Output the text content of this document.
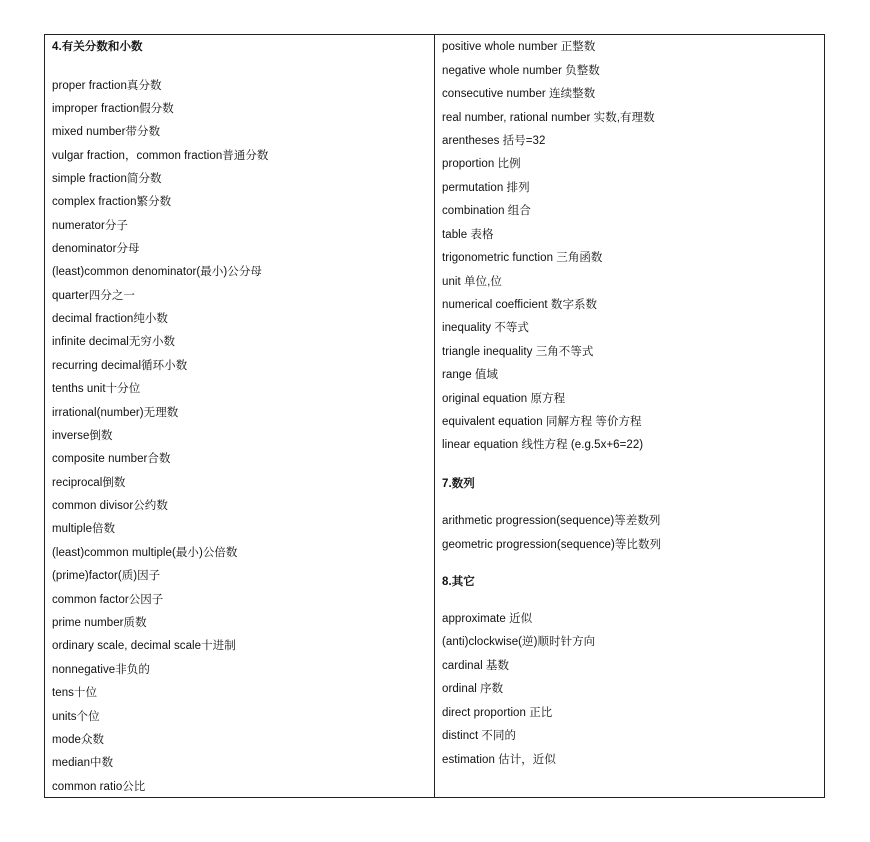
4.有关分数和小数
proper fraction真分数
improper fraction假分数
mixed number带分数
vulgar fraction，common fraction普通分数
simple fraction简分数
complex fraction繁分数
numerator分子
denominator分母
(least)common denominator(最小)公分母
quarter四分之一
decimal fraction纯小数
infinite decimal无穷小数
recurring decimal循环小数
tenths unit十分位
irrational(number)无理数
inverse倒数
composite number合数
reciprocal倒数
common divisor公约数
multiple倍数
(least)common multiple(最小)公倍数
(prime)factor(质)因子
common factor公因子
prime number质数
ordinary scale, decimal scale十进制
nonnegative非负的
tens十位
units个位
mode众数
median中数
common ratio公比
positive whole number 正整数
negative whole number 负整数
consecutive number 连续整数
real number, rational number 实数,有理数
arentheses 括号=32
proportion 比例
permutation 排列
combination 组合
table 表格
trigonometric function 三角函数
unit 单位,位
numerical coefficient 数字系数
inequality 不等式
triangle inequality 三角不等式
range 值域
original equation 原方程
equivalent equation 同解方程 等价方程
linear equation 线性方程 (e.g.5x+6=22)
7.数列
arithmetic progression(sequence)等差数列
geometric progression(sequence)等比数列
8.其它
approximate 近似
(anti)clockwise(逆)顺时针方向
cardinal 基数
ordinal 序数
direct proportion 正比
distinct 不同的
estimation 估计，近似
